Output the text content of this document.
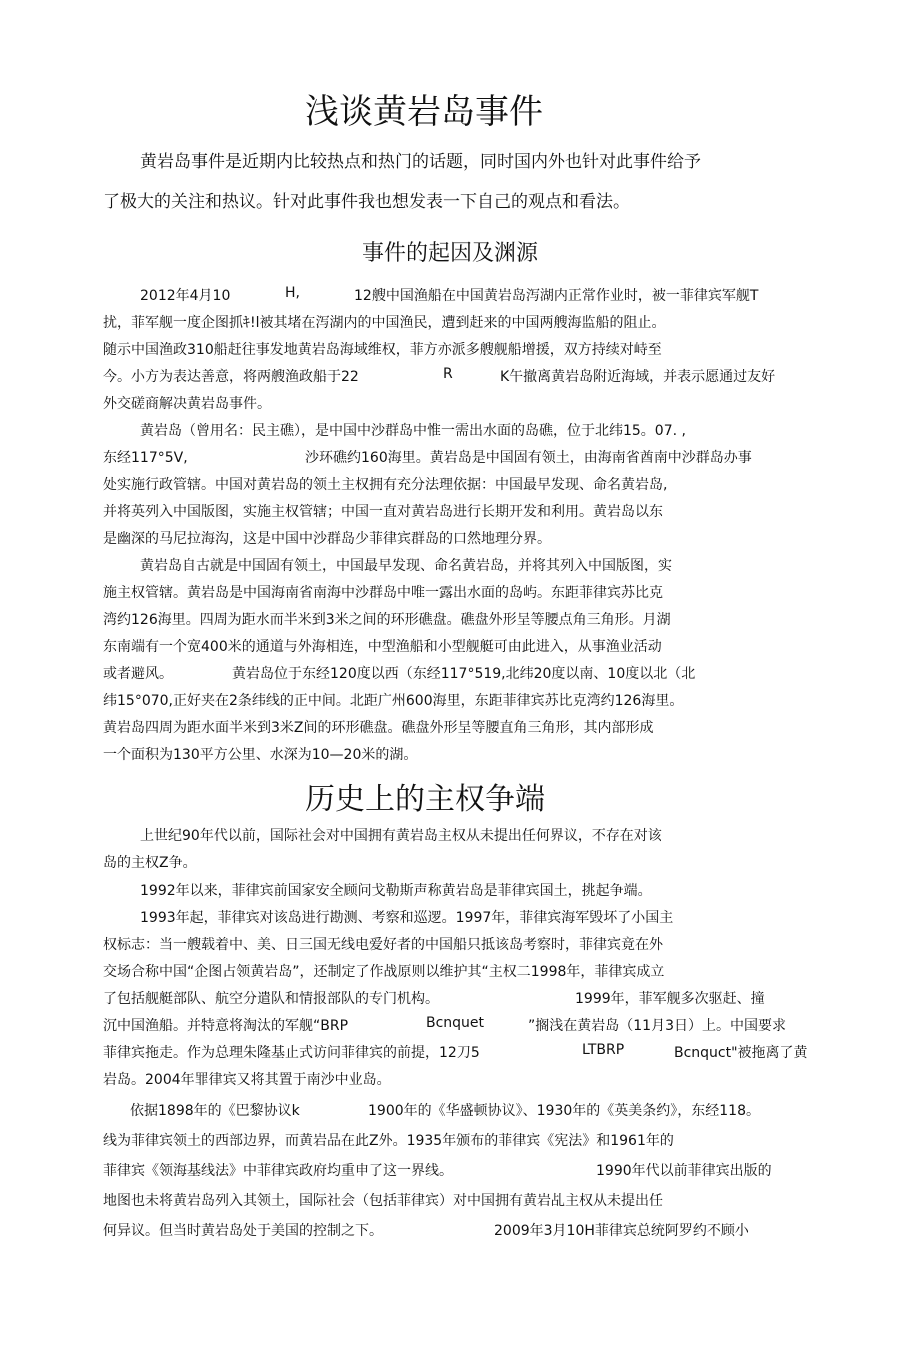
浅谈黄岩岛事件
黄岩岛事件是近期内比较热点和热门的话题，同时国内外也针对此事件给予
了极大的关注和热议。针对此事件我也想发表一下自己的观点和看法。
事件的起因及渊源
2012年4月10	H,	12艘中国渔船在中国黄岩岛泻湖内正常作业时，被一菲律宾军舰T
扰，菲军舰一度企图抓ｷ!l被其堵在泻湖内的中国渔民，遭到赶来的中国两艘海监船的阻止。
随示中国渔政310船赶往事发地黄岩岛海域维权，菲方亦派多艘舰船增援，双方持续对峙至
今。小方为表达善意，将两艘渔政船于22	R	K午撤离黄岩岛附近海域，并表示愿通过友好
外交磋商解决黄岩岛事件。
黄岩岛（曾用名：民主礁），是中国中沙群岛中惟一需出水面的岛礁，位于北纬15。07. ,
东经117°5V,	沙环礁约160海里。黄岩岛是中国固有领土，由海南省酋南中沙群岛办事
处实施行政管辖。中国对黄岩岛的领土主权拥有充分法理依据：中国最早发现、命名黄岩岛,
并将英列入中国版图，实施主权管辖；中国一直对黄岩岛进行长期开发和利用。黄岩岛以东
是幽深的马尼拉海沟，这是中国中沙群岛少菲律宾群岛的口然地理分界。
黄岩岛自古就是中国固有领土，中国最早发现、命名黄岩岛，并将其列入中国版图，实
施主权管辖。黄岩岛是中国海南省南海中沙群岛中唯一露出水面的岛屿。东距菲律宾苏比克
湾约126海里。四周为距水而半米到3米之间的环形礁盘。礁盘外形呈等腰点角三角形。月湖
东南端有一个宽400米的通道与外海相连，中型渔船和小型舰艇可由此进入，从事渔业活动
或者避风。	黄岩岛位于东经120度以西（东经117°519,北纬20度以南、10度以北（北
纬15°070,正好夹在2条纬线的正中间。北距广州600海里，东距菲律宾苏比克湾约126海里。
黄岩岛四周为距水面半米到3米Z间的环形礁盘。礁盘外形呈等腰直角三角形，其内部形成
一个面积为130平方公里、水深为10—20米的湖。
历史上的主权争端
上世纪90年代以前，国际社会对中国拥有黄岩岛主权从未提出任何界议，不存在对该
岛的主权Z争。
1992年以来，菲律宾前国家安全顾问戈勒斯声称黄岩岛是菲律宾国土，挑起争端。
1993年起，菲律宾对该岛进行勘测、考察和巡逻。1997年，菲律宾海军毁坏了小国主
权标志：当一艘载着中、美、日三国无线电爱好者的中国船只抵该岛考察时，菲律宾竟在外
交场合称中国“企图占领黄岩岛”，还制定了作战原则以维护其“主权二1998年，菲律宾成立
了包括舰艇部队、航空分遣队和情报部队的专门机构。	1999年，菲军舰多次驱赶、撞
沉中国渔船。并特意将淘汰的军舰“BRP	Bcnquet	”搁浅在黄岩岛（11月3日）上。中国要求
菲律宾拖走。作为总理朱隆基止式访问菲律宾的前提，12刀5	LTBRP	Bcnquct"被拖离了黄
岩岛。2004年罪律宾又将其置于南沙中业岛。
依据1898年的《巴黎协议k	1900年的《华盛顿协议》、1930年的《英美条约》，东经118。
线为菲律宾领土的西部边界，而黄岩品在此Z外。1935年颁布的菲律宾《宪法》和1961年的
菲律宾《领海基线法》中菲律宾政府均重申了这一界线。	1990年代以前菲律宾出版的
地图也未将黄岩岛列入其领土，国际社会（包括菲律宾）对中国拥有黄岩乩主权从未提出任
何异议。但当时黄岩岛处于美国的控制之下。	2009年3月10H菲律宾总统阿罗约不顾小
